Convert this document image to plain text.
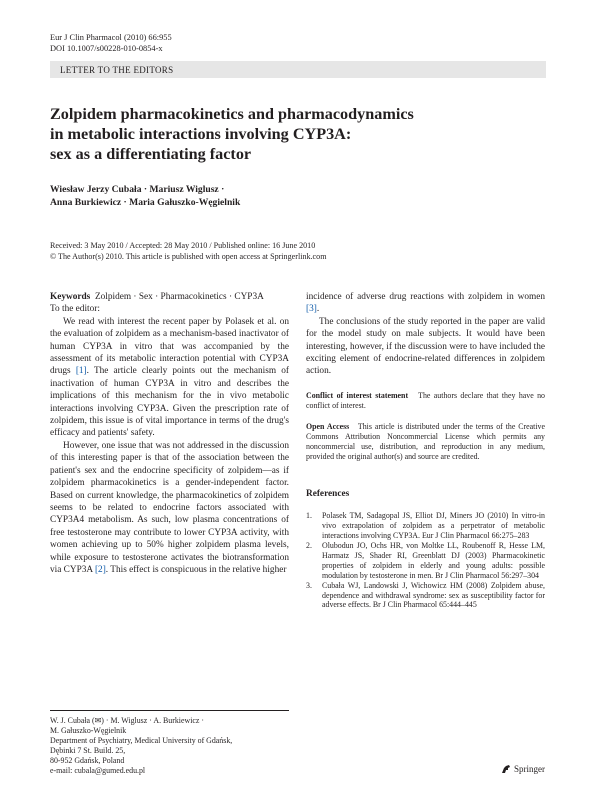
Eur J Clin Pharmacol (2010) 66:955
DOI 10.1007/s00228-010-0854-x
LETTER TO THE EDITORS
Zolpidem pharmacokinetics and pharmacodynamics
in metabolic interactions involving CYP3A:
sex as a differentiating factor
Wiesław Jerzy Cubała · Mariusz Wiglusz ·
Anna Burkiewicz · Maria Gałuszko-Węgielnik
Received: 3 May 2010 / Accepted: 28 May 2010 / Published online: 16 June 2010
© The Author(s) 2010. This article is published with open access at Springerlink.com

Keywords Zolpidem · Sex · Pharmacokinetics · CYP3A

To the editor:

We read with interest the recent paper by Polasek et al. on the evaluation of zolpidem as a mechanism-based inactivator of human CYP3A in vitro that was accompanied by the assessment of its metabolic interaction potential with CYP3A drugs [1]. The article clearly points out the mechanism of inactivation of human CYP3A in vitro and describes the implications of this mechanism for the in vivo metabolic interactions involving CYP3A. Given the prescription rate of zolpidem, this issue is of vital importance in terms of the drug's efficacy and patients' safety.

However, one issue that was not addressed in the discussion of this interesting paper is that of the association between the patient's sex and the endocrine specificity of zolpidem—as if zolpidem pharmacokinetics is a gender-independent factor. Based on current knowledge, the pharmacokinetics of zolpidem seems to be related to endocrine factors associated with CYP3A4 metabolism. As such, low plasma concentrations of free testosterone may contribute to lower CYP3A activity, with women achieving up to 50% higher zolpidem plasma levels, while exposure to testosterone activates the biotransformation via CYP3A [2]. This effect is conspicuous in the relative higher

incidence of adverse drug reactions with zolpidem in women [3].

The conclusions of the study reported in the paper are valid for the model study on male subjects. It would have been interesting, however, if the discussion were to have included the exciting element of endocrine-related differences in zolpidem action.

Conflict of interest statement The authors declare that they have no conflict of interest.

Open Access This article is distributed under the terms of the Creative Commons Attribution Noncommercial License which permits any noncommercial use, distribution, and reproduction in any medium, provided the original author(s) and source are credited.

References

1. Polasek TM, Sadagopal JS, Elliot DJ, Miners JO (2010) In vitro-in vivo extrapolation of zolpidem as a perpetrator of metabolic interactions involving CYP3A. Eur J Clin Pharmacol 66:275–283
2. Olubodun JO, Ochs HR, von Moltke LL, Roubenoff R, Hesse LM, Harmatz JS, Shader RI, Greenblatt DJ (2003) Pharmacokinetic properties of zolpidem in elderly and young adults: possible modulation by testosterone in men. Br J Clin Pharmacol 56:297–304
3. Cubała WJ, Landowski J, Wichowicz HM (2008) Zolpidem abuse, dependence and withdrawal syndrome: sex as susceptibility factor for adverse effects. Br J Clin Pharmacol 65:444–445
W. J. Cubała (✉) · M. Wiglusz · A. Burkiewicz ·
M. Gałuszko-Węgielnik
Department of Psychiatry, Medical University of Gdańsk,
Dębinki 7 St. Build. 25,
80-952 Gdańsk, Poland
e-mail: cubala@gumed.edu.pl	Springer
